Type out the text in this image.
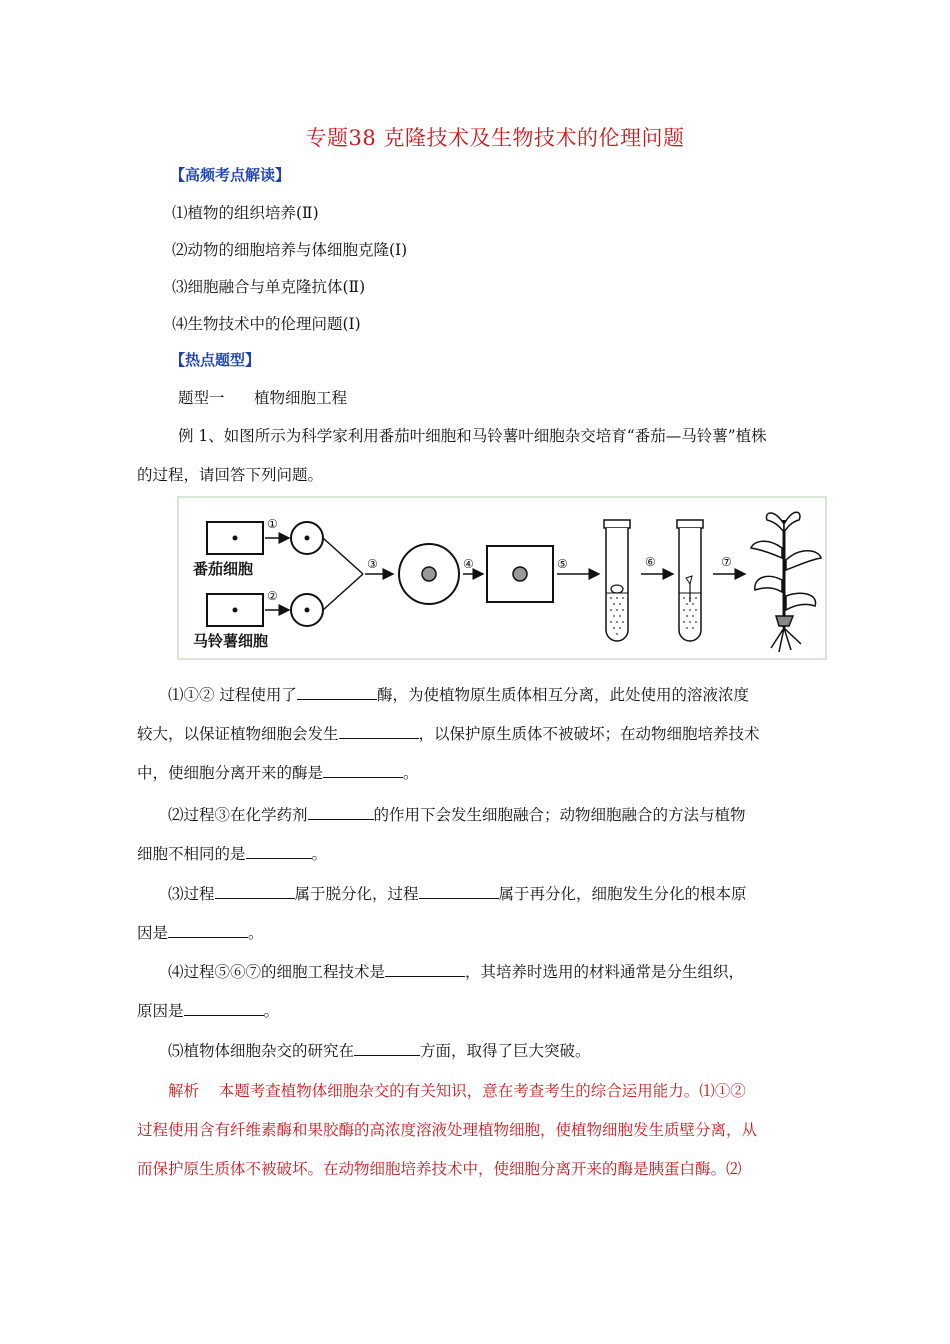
专题38 克隆技术及生物技术的伦理问题
【高频考点解读】
⑴植物的组织培养(Ⅱ)
⑵动物的细胞培养与体细胞克隆(Ⅰ)
⑶细胞融合与单克隆抗体(Ⅱ)
⑷生物技术中的伦理问题(Ⅰ)
【热点题型】
题型一      植物细胞工程
例 1、如图所示为科学家利用番茄叶细胞和马铃薯叶细胞杂交培育“番茄—马铃薯”植株
的过程，请回答下列问题。
①
番茄细胞
②
马铃薯细胞
③	④	⑤	⑥	⑦
⑴①② 过程使用了	酶，为使植物原生质体相互分离，此处使用的溶液浓度
较大，以保证植物细胞会发生	，以保护原生质体不被破坏；在动物细胞培养技术
中，使细胞分离开来的酶是	。
⑵过程③在化学药剂	的作用下会发生细胞融合；动物细胞融合的方法与植物
细胞不相同的是	。
⑶过程	属于脱分化，过程	属于再分化，细胞发生分化的根本原
因是	。
⑷过程⑤⑥⑦的细胞工程技术是	，其培养时选用的材料通常是分生组织，
原因是	。
⑸植物体细胞杂交的研究在	方面，取得了巨大突破。
解析    本题考查植物体细胞杂交的有关知识，意在考查考生的综合运用能力。⑴①②
过程使用含有纤维素酶和果胶酶的高浓度溶液处理植物细胞，使植物细胞发生质壁分离，从
而保护原生质体不被破坏。在动物细胞培养技术中，使细胞分离开来的酶是胰蛋白酶。⑵
